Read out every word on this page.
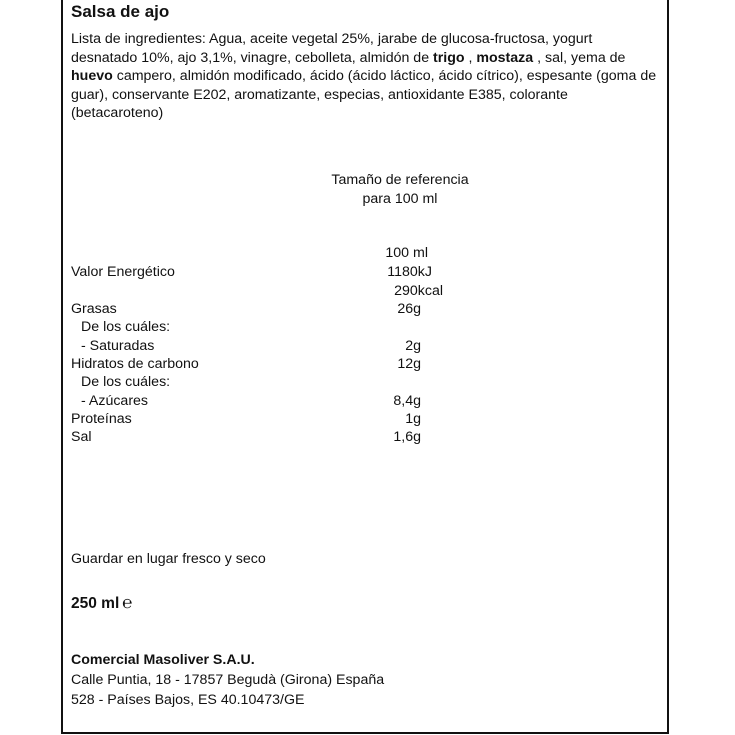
Salsa de ajo
Lista de ingredientes: Agua, aceite vegetal 25%, jarabe de glucosa-fructosa, yogurt desnatado 10%, ajo 3,1%, vinagre, cebolleta, almidón de trigo , mostaza , sal, yema de huevo campero, almidón modificado, ácido (ácido láctico, ácido cítrico), espesante (goma de guar), conservante E202, aromatizante, especias, antioxidante E385, colorante (betacaroteno)
Tamaño de referencia
para 100 ml
100 ml
Valor Energético	1180kJ
290kcal
Grasas	26g
De los cuáles:
- Saturadas	2g
Hidratos de carbono	12g
De los cuáles:
- Azúcares	8,4g
Proteínas	1g
Sal	1,6g
Guardar en lugar fresco y seco
250 ml ℮
Comercial Masoliver S.A.U.
Calle Puntia, 18 - 17857 Begudà (Girona) España
528 - Países Bajos, ES 40.10473/GE
